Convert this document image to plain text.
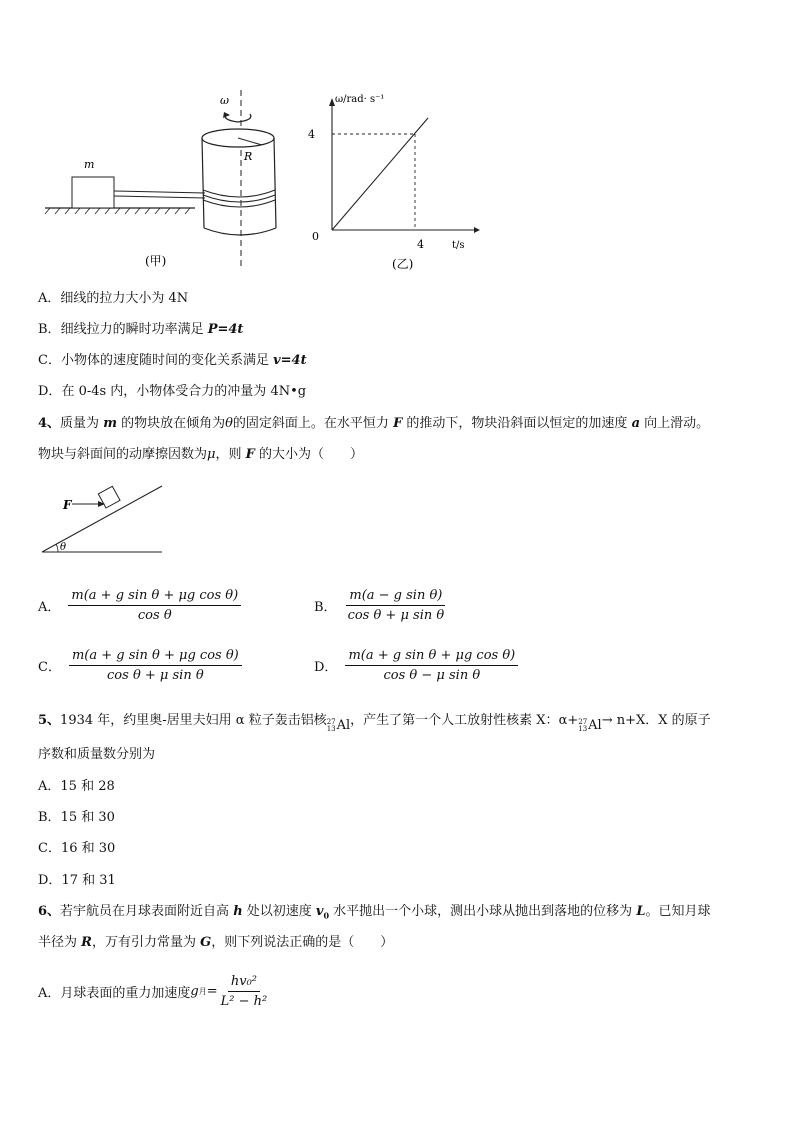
m
R
ω
(甲)
ω/rad· s⁻¹
t/s
4
4
0
(乙)
A．细线的拉力大小为 4N
B．细线拉力的瞬时功率满足 P=4t
C．小物体的速度随时间的变化关系满足 v=4t
D．在 0-4s 内，小物体受合力的冲量为 4N•g
4、质量为 m 的物块放在倾角为θ的固定斜面上。在水平恒力 F 的推动下，物块沿斜面以恒定的加速度 a 向上滑动。
物块与斜面间的动摩擦因数为μ，则 F 的大小为（　　）
F
θ
A． $\frac{\text{m(a + g sin θ + μg cos θ)}}{\text{cos θ}}$	B． $\frac{\text{m(a − g sin θ)}}{\text{cos θ + μ sin θ}}$
C． $\frac{\text{m(a + g sin θ + μg cos θ)}}{\text{cos θ + μ sin θ}}$	D． $\frac{\text{m(a + g sin θ + μg cos θ)}}{\text{cos θ − μ sin θ}}$
5、1934 年，约里奥-居里夫妇用 α 粒子轰击铝核 27
13 Al ，产生了第一个人工放射性核素 X：α+ 27
13 Al → n+X．X 的原子
序数和质量数分别为
A．15 和 28
B．15 和 30
C．16 和 30
D．17 和 31
6、若宇航员在月球表面附近自高 h 处以初速度 $v_0$ 水平抛出一个小球，测出小球从抛出到落地的位移为 L。已知月球
半径为 R，万有引力常量为 G，则下列说法正确的是（　　）
A． 月球表面的重力加速度 g 月 = $\frac{\text{hv₀²}}{\text{L² − h²}}$
